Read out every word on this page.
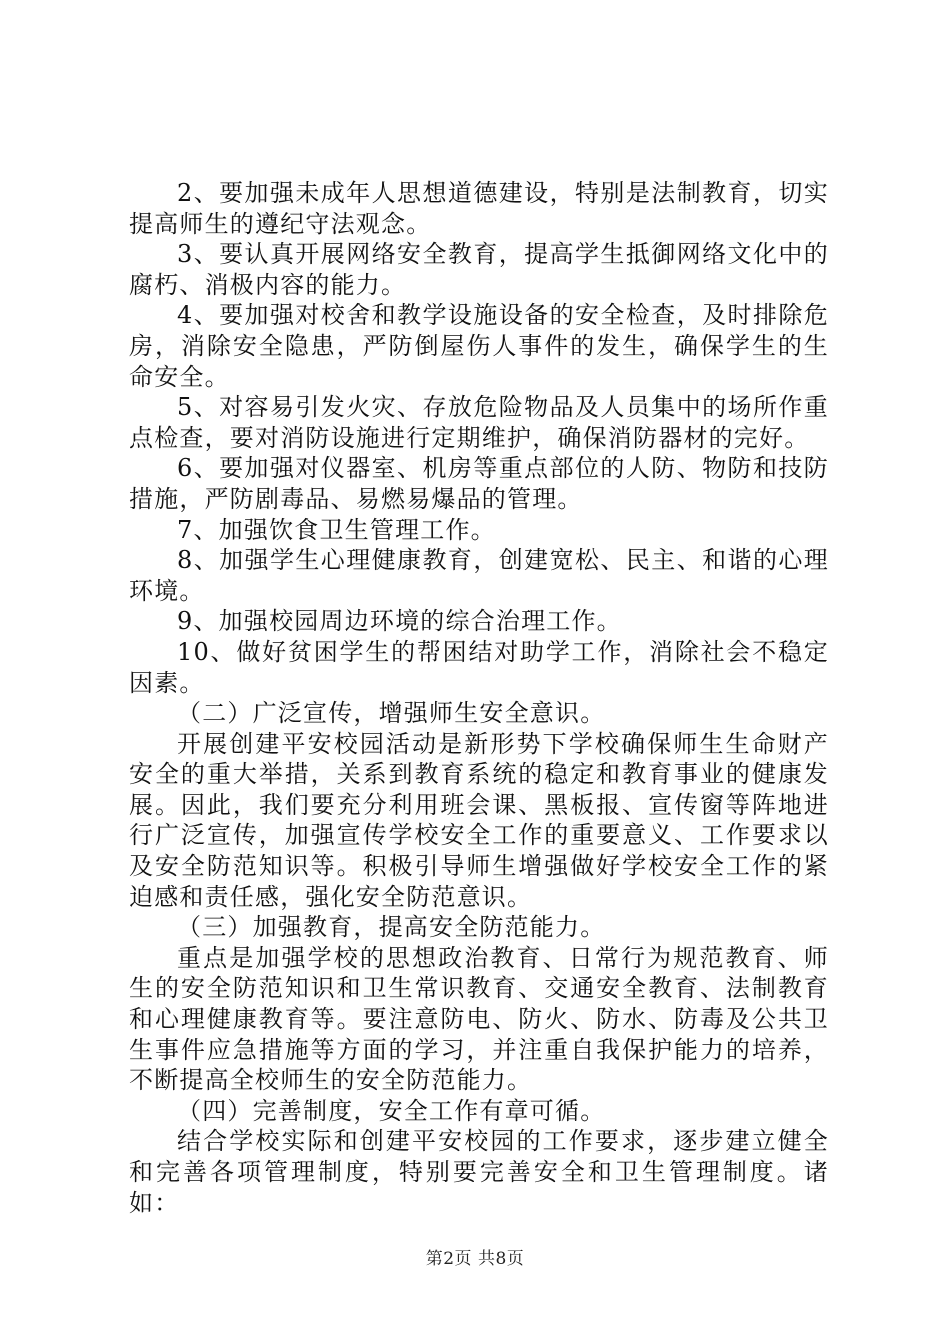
2、要加强未成年人思想道德建设，特别是法制教育，切实提高师生的遵纪守法观念。

3、要认真开展网络安全教育，提高学生抵御网络文化中的腐朽、消极内容的能力。

4、要加强对校舍和教学设施设备的安全检查，及时排除危房，消除安全隐患，严防倒屋伤人事件的发生，确保学生的生命安全。

5、对容易引发火灾、存放危险物品及人员集中的场所作重点检查，要对消防设施进行定期维护，确保消防器材的完好。

6、要加强对仪器室、机房等重点部位的人防、物防和技防措施，严防剧毒品、易燃易爆品的管理。

7、加强饮食卫生管理工作。

8、加强学生心理健康教育，创建宽松、民主、和谐的心理环境。

9、加强校园周边环境的综合治理工作。

10、做好贫困学生的帮困结对助学工作，消除社会不稳定因素。

（二）广泛宣传，增强师生安全意识。

开展创建平安校园活动是新形势下学校确保师生生命财产安全的重大举措，关系到教育系统的稳定和教育事业的健康发展。因此，我们要充分利用班会课、黑板报、宣传窗等阵地进行广泛宣传，加强宣传学校安全工作的重要意义、工作要求以及安全防范知识等。积极引导师生增强做好学校安全工作的紧迫感和责任感，强化安全防范意识。

（三）加强教育，提高安全防范能力。

重点是加强学校的思想政治教育、日常行为规范教育、师生的安全防范知识和卫生常识教育、交通安全教育、法制教育和心理健康教育等。要注意防电、防火、防水、防毒及公共卫生事件应急措施等方面的学习，并注重自我保护能力的培养，不断提高全校师生的安全防范能力。

（四）完善制度，安全工作有章可循。

结合学校实际和创建平安校园的工作要求，逐步建立健全和完善各项管理制度，特别要完善安全和卫生管理制度。诸如：

第2页 共8页
